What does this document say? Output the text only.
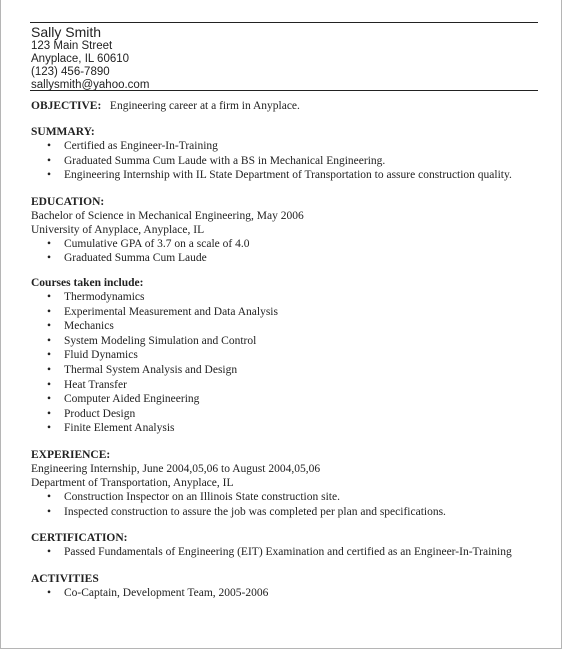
Sally Smith
123 Main Street
Anyplace, IL 60610
(123) 456-7890
sallysmith@yahoo.com
OBJECTIVE: Engineering career at a firm in Anyplace.
SUMMARY:
• Certified as Engineer-In-Training
• Graduated Summa Cum Laude with a BS in Mechanical Engineering.
• Engineering Internship with IL State Department of Transportation to assure construction quality.
EDUCATION:
Bachelor of Science in Mechanical Engineering, May 2006
University of Anyplace, Anyplace, IL
• Cumulative GPA of 3.7 on a scale of 4.0
• Graduated Summa Cum Laude
Courses taken include:
• Thermodynamics
• Experimental Measurement and Data Analysis
• Mechanics
• System Modeling Simulation and Control
• Fluid Dynamics
• Thermal System Analysis and Design
• Heat Transfer
• Computer Aided Engineering
• Product Design
• Finite Element Analysis
EXPERIENCE:
Engineering Internship, June 2004,05,06 to August 2004,05,06
Department of Transportation, Anyplace, IL
• Construction Inspector on an Illinois State construction site.
• Inspected construction to assure the job was completed per plan and specifications.
CERTIFICATION:
• Passed Fundamentals of Engineering (EIT) Examination and certified as an Engineer-In-Training
ACTIVITIES
• Co-Captain, Development Team, 2005-2006
